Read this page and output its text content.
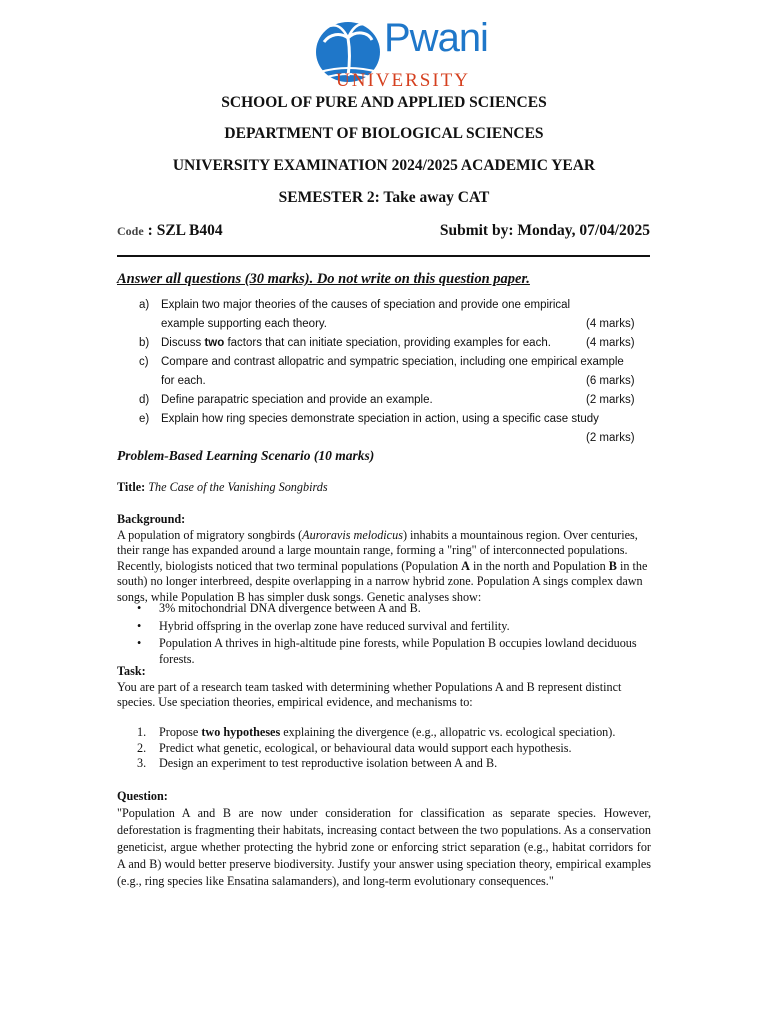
Pwani
UNIVERSITY
SCHOOL OF PURE AND APPLIED SCIENCES
DEPARTMENT OF BIOLOGICAL SCIENCES
UNIVERSITY EXAMINATION 2024/2025 ACADEMIC YEAR
SEMESTER 2: Take away CAT
Code : SZL B404	Submit by: Monday, 07/04/2025
Answer all questions (30 marks). Do not write on this question paper.
a) Explain two major theories of the causes of speciation and provide one empirical
example supporting each theory.	(4 marks)
b) Discuss two factors that can initiate speciation, providing examples for each.	(4 marks)
c) Compare and contrast allopatric and sympatric speciation, including one empirical example
for each.	(6 marks)
d) Define parapatric speciation and provide an example.	(2 marks)
e) Explain how ring species demonstrate speciation in action, using a specific case study
(2 marks)
Problem-Based Learning Scenario (10 marks)
Title: The Case of the Vanishing Songbirds
Background:
A population of migratory songbirds (Auroravis melodicus) inhabits a mountainous region. Over centuries, their range has expanded around a large mountain range, forming a "ring" of interconnected populations. Recently, biologists noticed that two terminal populations (Population A in the north and Population B in the south) no longer interbreed, despite overlapping in a narrow hybrid zone. Population A sings complex dawn songs, while Population B has simpler dusk songs. Genetic analyses show:
• 3% mitochondrial DNA divergence between A and B.
• Hybrid offspring in the overlap zone have reduced survival and fertility.
• Population A thrives in high-altitude pine forests, while Population B occupies lowland deciduous forests.
Task:
You are part of a research team tasked with determining whether Populations A and B represent distinct species. Use speciation theories, empirical evidence, and mechanisms to:
1. Propose two hypotheses explaining the divergence (e.g., allopatric vs. ecological speciation).
2. Predict what genetic, ecological, or behavioural data would support each hypothesis.
3. Design an experiment to test reproductive isolation between A and B.
Question:
"Population A and B are now under consideration for classification as separate species. However, deforestation is fragmenting their habitats, increasing contact between the two populations. As a conservation geneticist, argue whether protecting the hybrid zone or enforcing strict separation (e.g., habitat corridors for A and B) would better preserve biodiversity. Justify your answer using speciation theory, empirical examples (e.g., ring species like Ensatina salamanders), and long-term evolutionary consequences."
